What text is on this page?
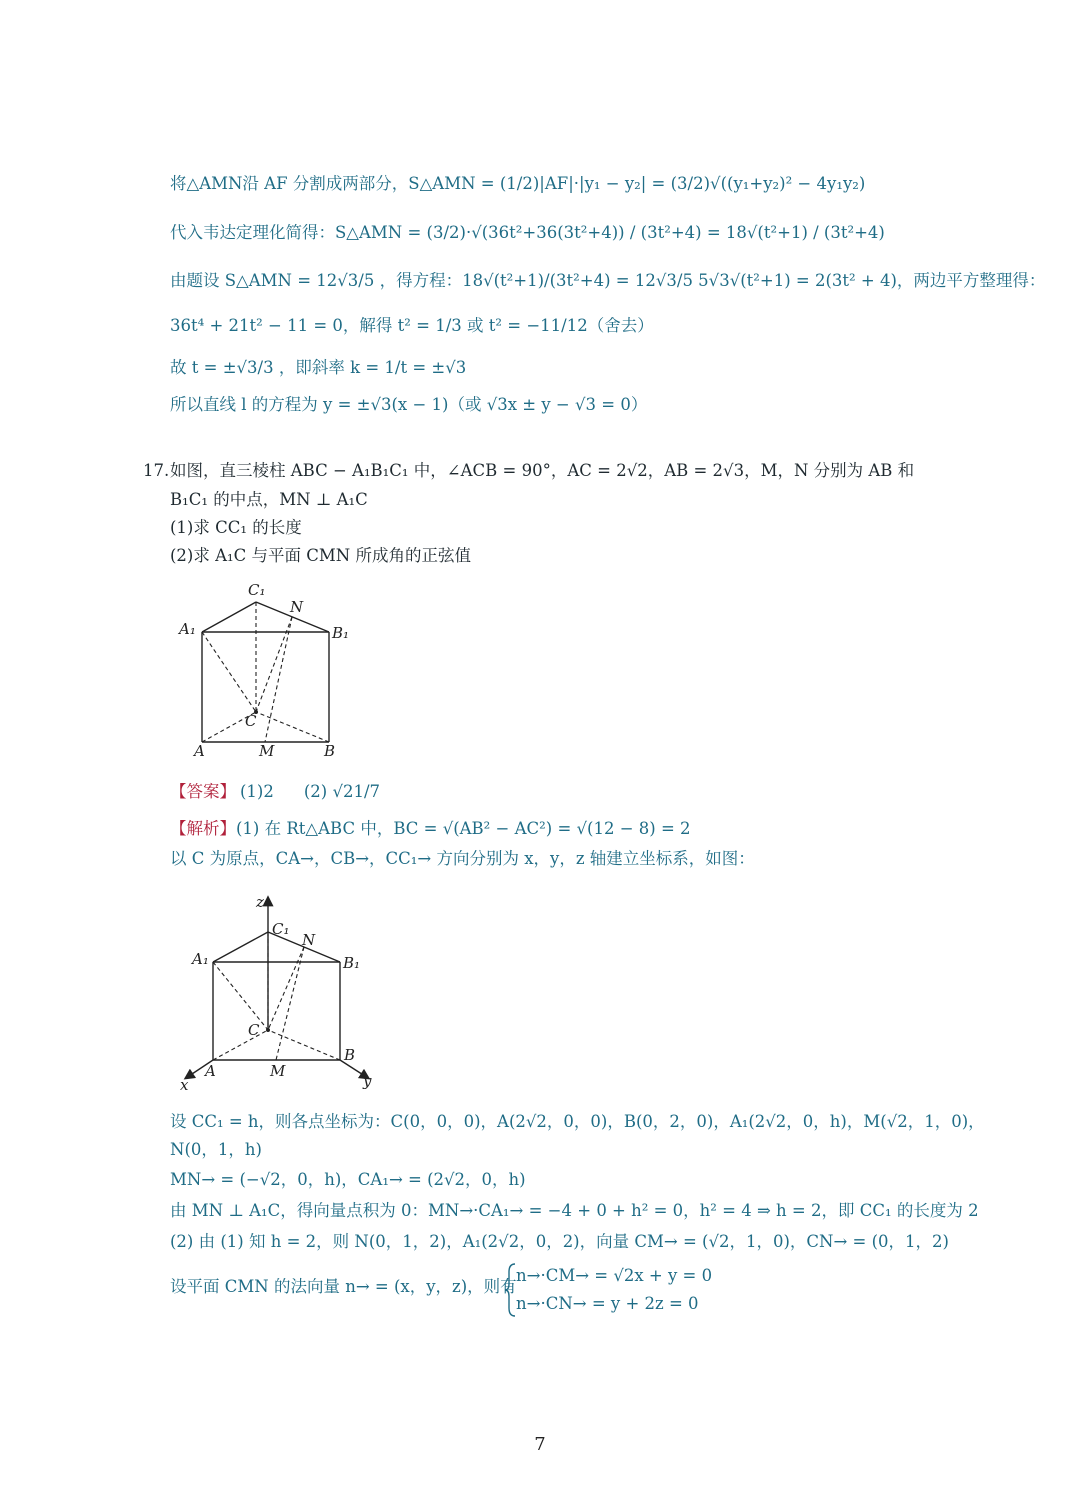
将△AMN沿 AF 分割成两部分，S△AMN = (1/2)|AF|·|y₁ − y₂| = (3/2)√((y₁+y₂)² − 4y₁y₂)
代入韦达定理化简得：S△AMN = (3/2)·√(36t²+36(3t²+4)) / (3t²+4) = 18√(t²+1) / (3t²+4)
由题设 S△AMN = 12√3/5 ，得方程：18√(t²+1)/(3t²+4) = 12√3/5 5√3√(t²+1) = 2(3t² + 4)，两边平方整理得：
36t⁴ + 21t² − 11 = 0，解得 t² = 1/3 或 t² = −11/12（舍去）
故 t = ±√3/3 ，即斜率 k = 1/t = ±√3
所以直线 l 的方程为 y = ±√3(x − 1)（或 √3x ± y − √3 = 0）
17. 如图，直三棱柱 ABC − A₁B₁C₁ 中，∠ACB = 90°，AC = 2√2，AB = 2√3，M，N 分别为 AB 和
B₁C₁ 的中点，MN ⊥ A₁C
(1)求 CC₁ 的长度
(2)求 A₁C 与平面 CMN 所成角的正弦值
C₁
N
A₁	B₁
C
A	M	B
【答案】 (1)2 (2) √21/7
【解析】(1) 在 Rt△ABC 中，BC = √(AB² − AC²) = √(12 − 8) = 2
以 C 为原点，CA→，CB→，CC₁→ 方向分别为 x，y，z 轴建立坐标系，如图：
z
C₁
N
A₁	B₁
C
A	M
B
x	y
设 CC₁ = h，则各点坐标为：C(0，0，0)，A(2√2，0，0)，B(0，2，0)，A₁(2√2，0，h)，M(√2，1，0)，
N(0，1，h)
MN→ = (−√2，0，h)，CA₁→ = (2√2，0，h)
由 MN ⊥ A₁C，得向量点积为 0：MN→·CA₁→ = −4 + 0 + h² = 0，h² = 4 ⇒ h = 2，即 CC₁ 的长度为 2
(2) 由 (1) 知 h = 2，则 N(0，1，2)，A₁(2√2，0，2)，向量 CM→ = (√2，1，0)，CN→ = (0，1，2)
设平面 CMN 的法向量 n→ = (x，y，z)，则有
n→·CM→ = √2x + y = 0
n→·CN→ = y + 2z = 0
7
